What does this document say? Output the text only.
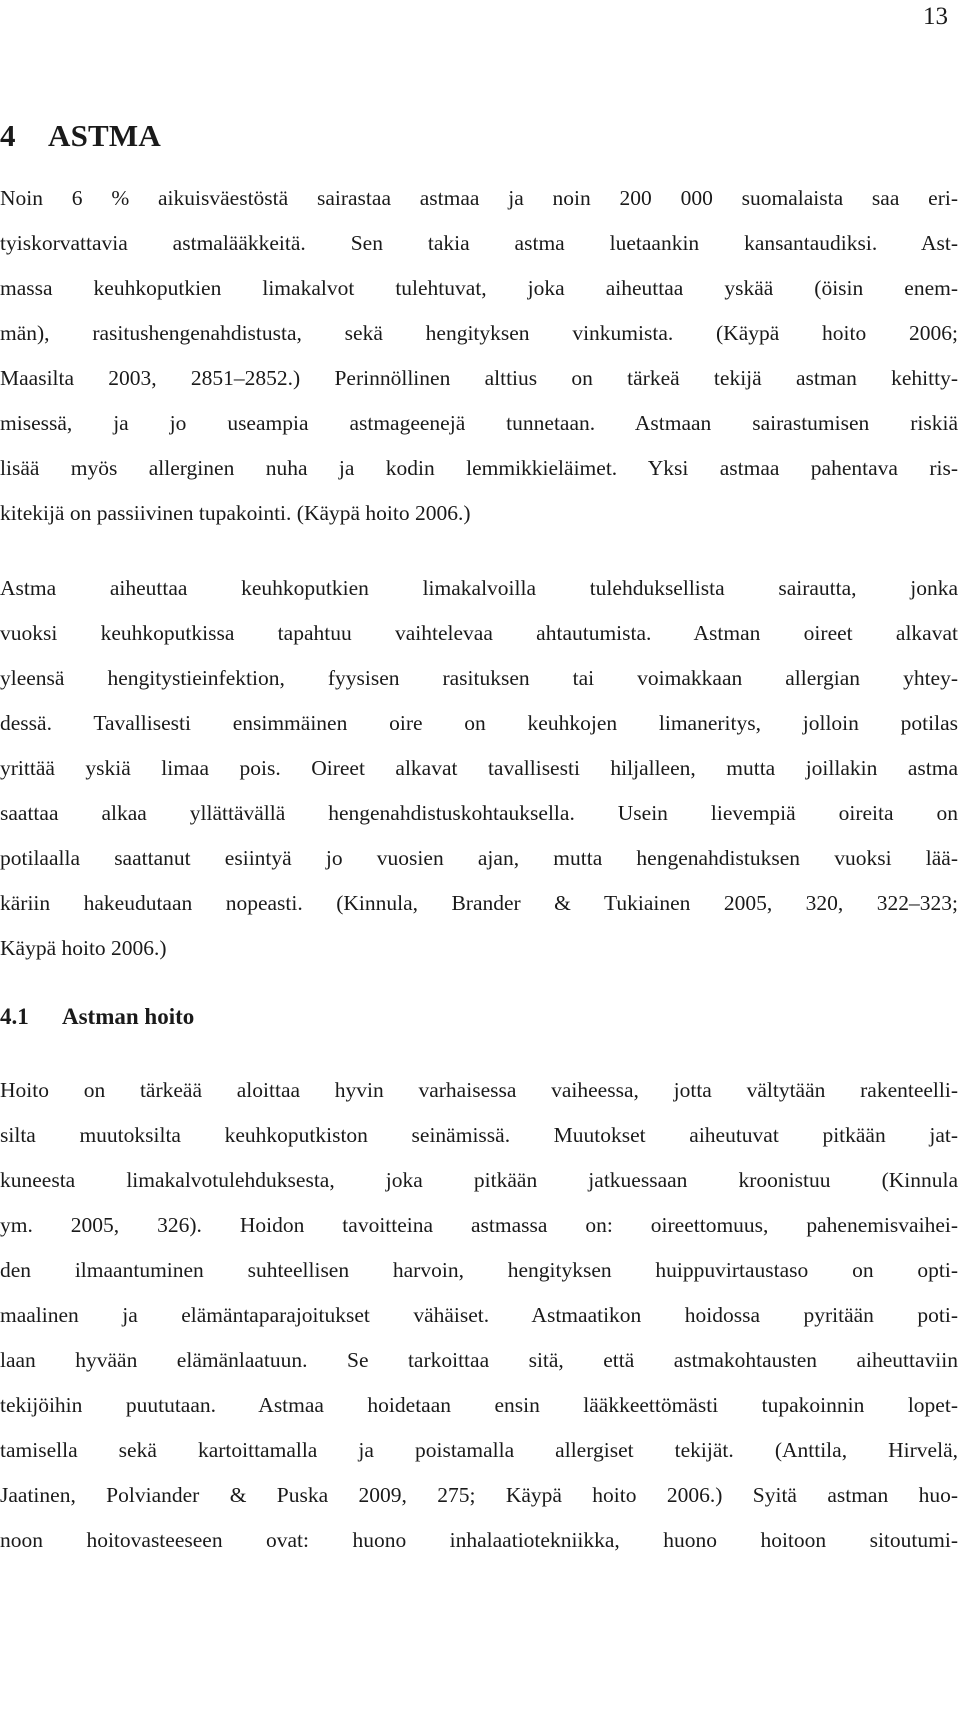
13
4 ASTMA
Noin 6 % aikuisväestöstä sairastaa astmaa ja noin 200 000 suomalaista saa eri-
tyiskorvattavia astmalääkkeitä. Sen takia astma luetaankin kansantaudiksi. Ast-
massa keuhkoputkien limakalvot tulehtuvat, joka aiheuttaa yskää (öisin enem-
män), rasitushengenahdistusta, sekä hengityksen vinkumista. (Käypä hoito 2006;
Maasilta 2003, 2851–2852.) Perinnöllinen alttius on tärkeä tekijä astman kehitty-
misessä, ja jo useampia astmageenejä tunnetaan. Astmaan sairastumisen riskiä
lisää myös allerginen nuha ja kodin lemmikkieläimet. Yksi astmaa pahentava ris-
kitekijä on passiivinen tupakointi. (Käypä hoito 2006.)
Astma aiheuttaa keuhkoputkien limakalvoilla tulehduksellista sairautta, jonka
vuoksi keuhkoputkissa tapahtuu vaihtelevaa ahtautumista. Astman oireet alkavat
yleensä hengitystieinfektion, fyysisen rasituksen tai voimakkaan allergian yhtey-
dessä. Tavallisesti ensimmäinen oire on keuhkojen limaneritys, jolloin potilas
yrittää yskiä limaa pois. Oireet alkavat tavallisesti hiljalleen, mutta joillakin astma
saattaa alkaa yllättävällä hengenahdistuskohtauksella. Usein lievempiä oireita on
potilaalla saattanut esiintyä jo vuosien ajan, mutta hengenahdistuksen vuoksi lää-
käriin hakeudutaan nopeasti. (Kinnula, Brander & Tukiainen 2005, 320, 322–323;
Käypä hoito 2006.)
4.1 Astman hoito
Hoito on tärkeää aloittaa hyvin varhaisessa vaiheessa, jotta vältytään rakenteelli-
silta muutoksilta keuhkoputkiston seinämissä. Muutokset aiheutuvat pitkään jat-
kuneesta limakalvotulehduksesta, joka pitkään jatkuessaan kroonistuu (Kinnula
ym. 2005, 326). Hoidon tavoitteina astmassa on: oireettomuus, pahenemisvaihei-
den ilmaantuminen suhteellisen harvoin, hengityksen huippuvirtaustaso on opti-
maalinen ja elämäntaparajoitukset vähäiset. Astmaatikon hoidossa pyritään poti-
laan hyvään elämänlaatuun. Se tarkoittaa sitä, että astmakohtausten aiheuttaviin
tekijöihin puututaan. Astmaa hoidetaan ensin lääkkeettömästi tupakoinnin lopet-
tamisella sekä kartoittamalla ja poistamalla allergiset tekijät. (Anttila, Hirvelä,
Jaatinen, Polviander & Puska 2009, 275; Käypä hoito 2006.) Syitä astman huo-
noon hoitovasteeseen ovat: huono inhalaatiotekniikka, huono hoitoon sitoutumi-
